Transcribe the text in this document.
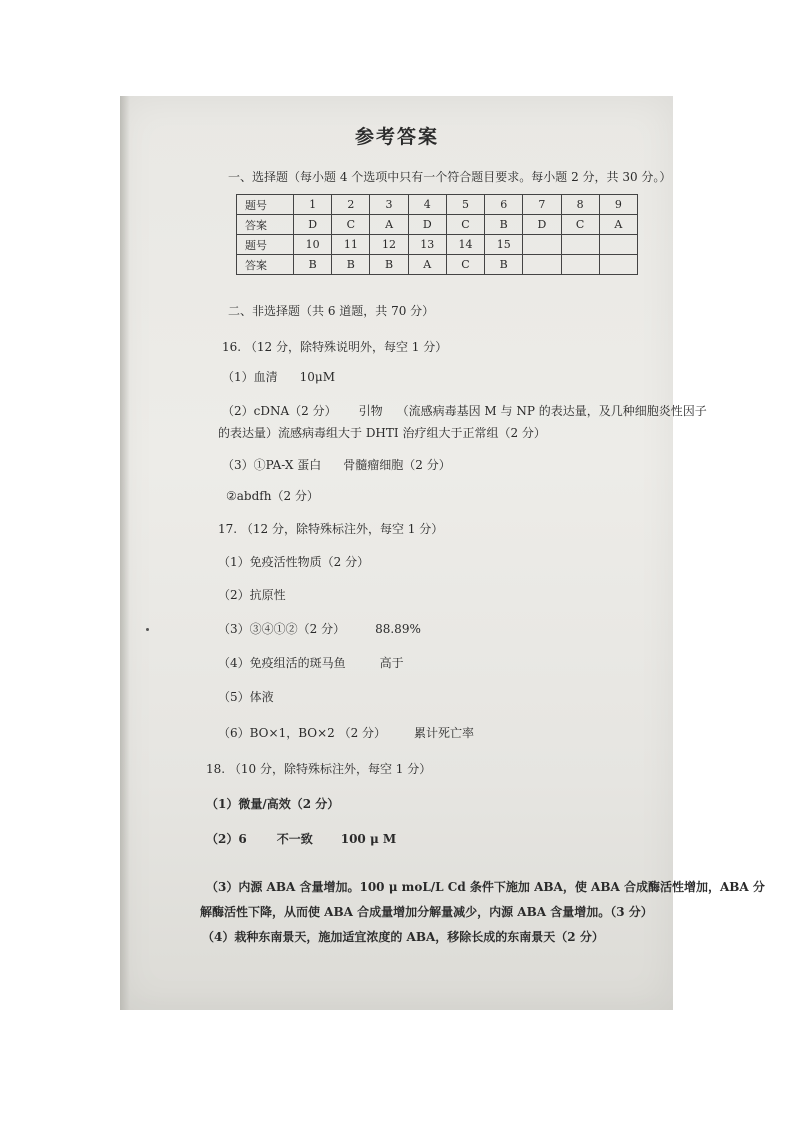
参考答案
一、选择题（每小题 4 个选项中只有一个符合题目要求。每小题 2 分，共 30 分。）
题号	1	2	3	4	5	6	7	8	9
答案	D	C	A	D	C	B	D	C	A
题号	10	11	12	13	14	15			
答案	B	B	B	A	C	B			
二、非选择题（共 6 道题，共 70 分）
16. （12 分，除特殊说明外，每空 1 分）
（1）血清 10μM
（2）cDNA（2 分） 引物 （流感病毒基因 M 与 NP 的表达量，及几种细胞炎性因子
的表达量）流感病毒组大于 DHTI 治疗组大于正常组（2 分）
（3）①PA-X 蛋白 骨髓瘤细胞（2 分）
②abdfh（2 分）
17. （12 分，除特殊标注外，每空 1 分）
（1）免疫活性物质（2 分）
（2）抗原性
（3）③④①②（2 分）	88.89%
（4）免疫组活的斑马鱼	高于
（5）体液
（6）BO×1，BO×2 （2 分） 累计死亡率
18. （10 分，除特殊标注外，每空 1 分）
（1）微量/高效（2 分）
（2）6	不一致 100 μ M
（3）内源 ABA 含量增加。100 μ moL/L Cd 条件下施加 ABA，使 ABA 合成酶活性增加，ABA 分
解酶活性下降，从而使 ABA 合成量增加分解量减少，内源 ABA 含量增加。（3 分）
（4）栽种东南景天，施加适宜浓度的 ABA，移除长成的东南景天（2 分）
